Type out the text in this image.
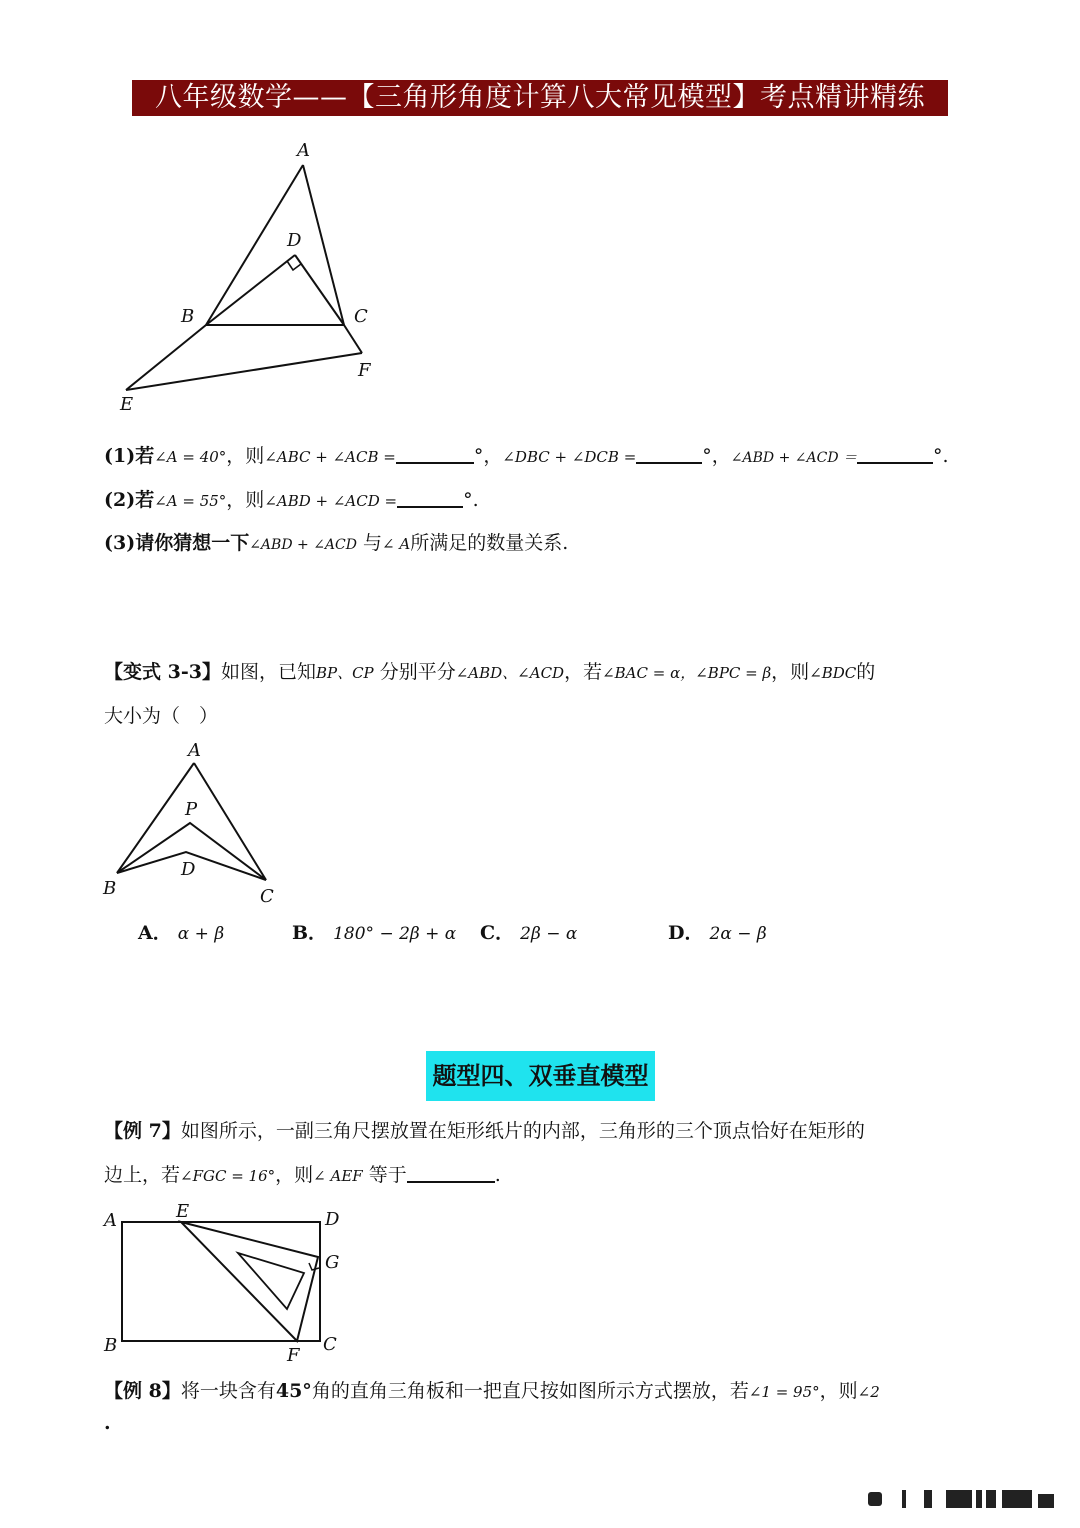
八年级数学——【三角形角度计算八大常见模型】考点精讲精练
A
D
B	C
F
E
(1)若∠A = 40°，则∠ABC + ∠ACB =	°，∠DBC + ∠DCB =	°，∠ABD + ∠ACD ＝	°.
(2)若∠A = 55°，则∠ABD + ∠ACD =	°.
(3)请你猜想一下∠ABD + ∠ACD 与∠ A所满足的数量关系.
【变式 3-3】如图，已知BP、CP 分别平分∠ABD、∠ACD，若∠BAC = α，∠BPC = β，则∠BDC的
大小为（　）
A
P
D
B	C
A． α + β	B． 180° − 2β + α C． 2β − α	D． 2α − β
题型四、双垂直模型
【例 7】如图所示，一副三角尺摆放置在矩形纸片的内部，三角形的三个顶点恰好在矩形的
边上，若∠FGC = 16°，则∠ AEF 等于	.
A	E	D
G
B	F
C
【例 8】将一块含有45°角的直角三角板和一把直尺按如图所示方式摆放，若∠1 = 95°，则∠2
.
